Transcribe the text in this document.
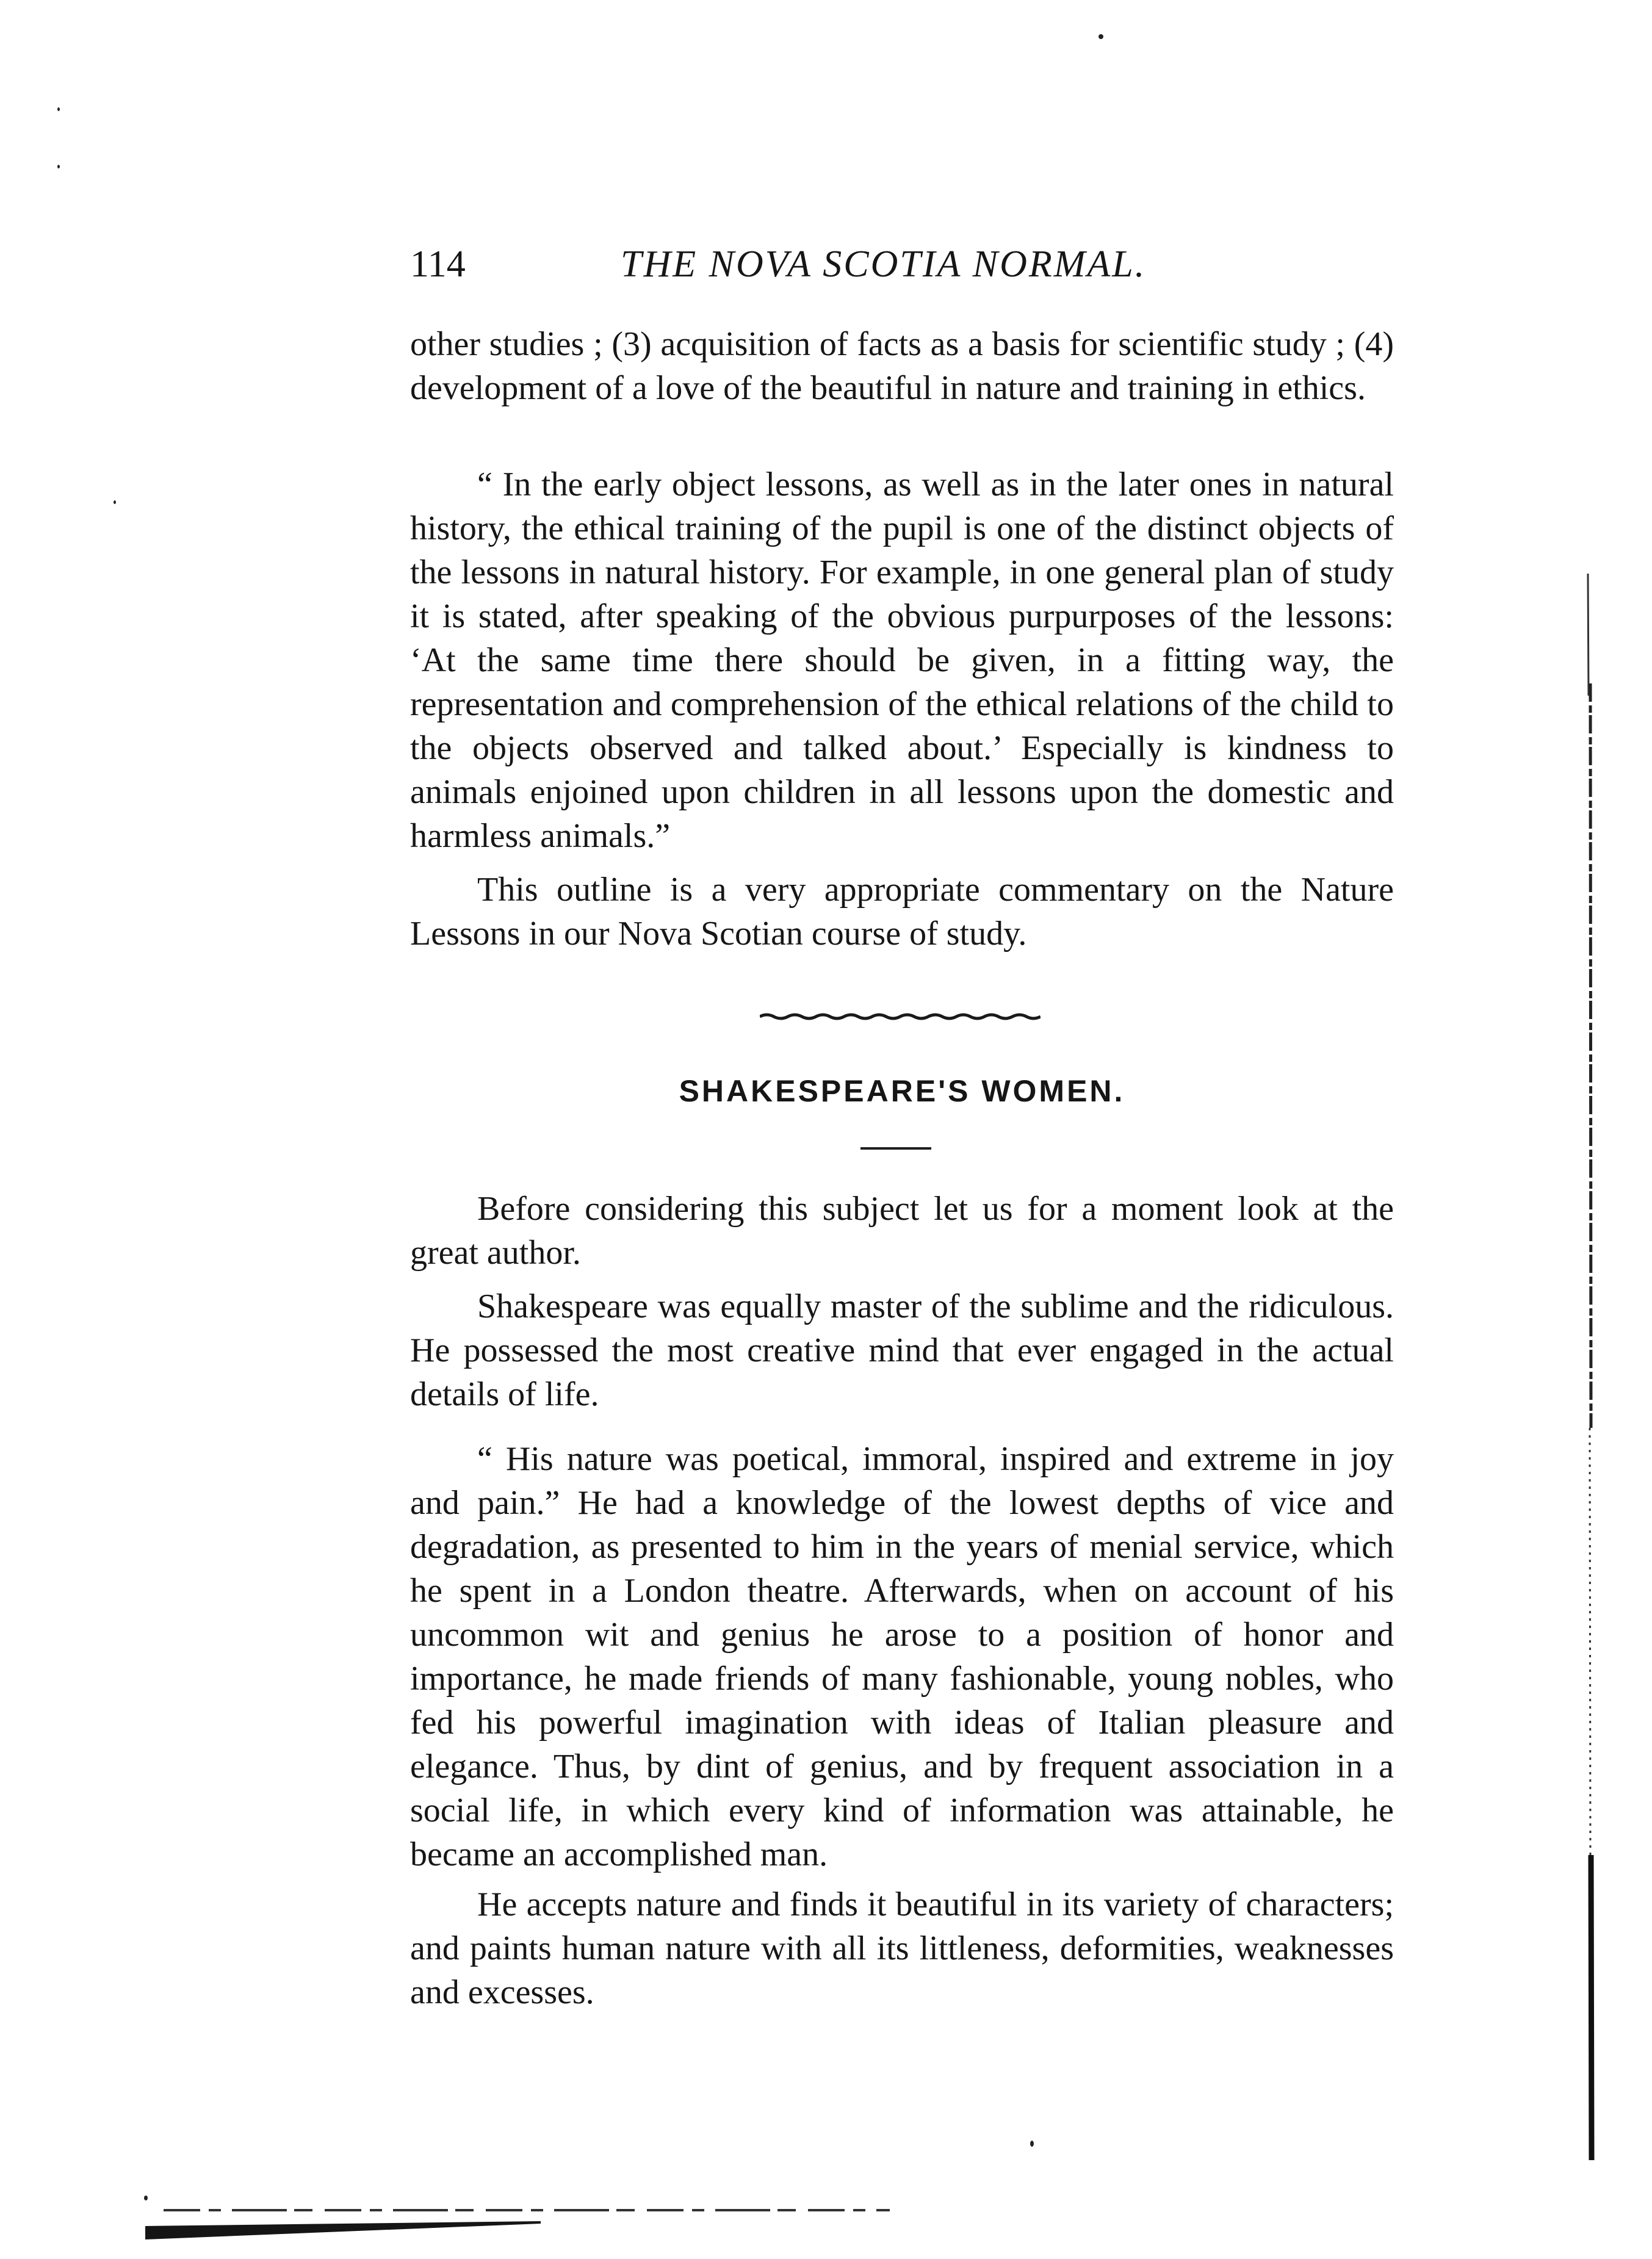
114	THE NOVA SCOTIA NORMAL.

other studies ; (3) acquisition of facts as a basis for scientific study ; (4) development of a love of the beautiful in nature and training in ethics.

“ In the early object lessons, as well as in the later ones in natural history, the ethical training of the pupil is one of the distinct objects of the lessons in natural history. For example, in one general plan of study it is stated, after speaking of the obvious purpurposes of the lessons: ‘At the same time there should be given, in a fitting way, the representation and comprehension of the ethical relations of the child to the objects observed and talked about.’ Especially is kindness to animals enjoined upon children in all lessons upon the domestic and harmless animals.”

This outline is a very appropriate commentary on the Nature Lessons in our Nova Scotian course of study.

SHAKESPEARE'S WOMEN.

Before considering this subject let us for a moment look at the great author.

Shakespeare was equally master of the sublime and the ridiculous. He possessed the most creative mind that ever engaged in the actual details of life.

“ His nature was poetical, immoral, inspired and extreme in joy and pain.” He had a knowledge of the lowest depths of vice and degradation, as presented to him in the years of menial service, which he spent in a London theatre. Afterwards, when on account of his uncommon wit and genius he arose to a position of honor and importance, he made friends of many fashionable, young nobles, who fed his powerful imagination with ideas of Italian pleasure and elegance. Thus, by dint of genius, and by frequent association in a social life, in which every kind of information was attainable, he became an accomplished man.

He accepts nature and finds it beautiful in its variety of characters; and paints human nature with all its littleness, deformities, weaknesses and excesses.
